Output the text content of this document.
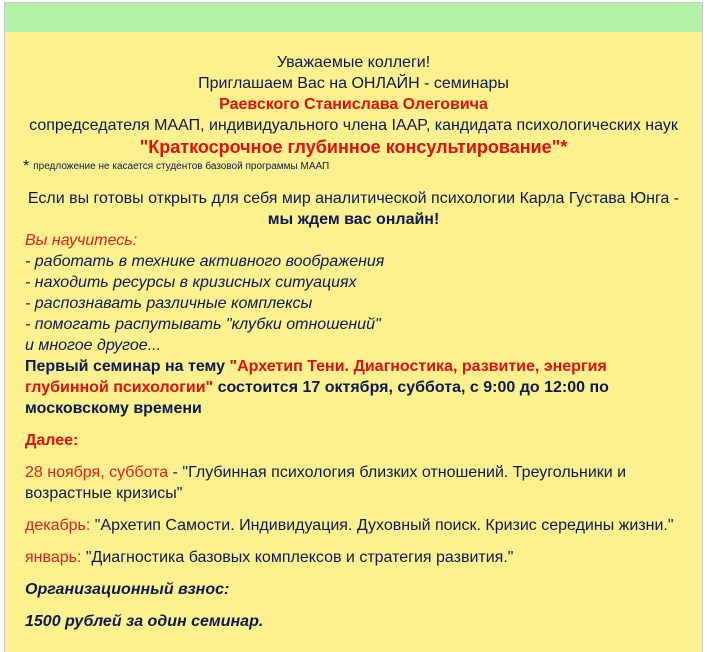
Уважаемые коллеги!
Приглашаем Вас на ОНЛАЙН - семинары
Раевского Станислава Олеговича
сопредседателя МААП, индивидуального члена IAAP, кандидата психологических наук
"Краткосрочное глубинное консультирование"*
* предложение не касается студентов базовой программы МААП
Если вы готовы открыть для себя мир аналитической психологии Карла Густава Юнга -
мы ждем вас онлайн!
Вы научитесь:
- работать в технике активного воображения
- находить ресурсы в кризисных ситуациях
- распознавать различные комплексы
- помогать распутывать "клубки отношений"
и многое другое...
Первый семинар на тему "Архетип Тени. Диагностика, развитие, энергия глубинной психологии" состоится 17 октября, суббота, с 9:00 до 12:00 по московскому времени
Далее:
28 ноября, суббота - "Глубинная психология близких отношений. Треугольники и возрастные кризисы"
декабрь: "Архетип Самости. Индивидуация. Духовный поиск. Кризис середины жизни."
январь: "Диагностика базовых комплексов и стратегия развития."
Организационный взнос:
1500 рублей за один семинар.
